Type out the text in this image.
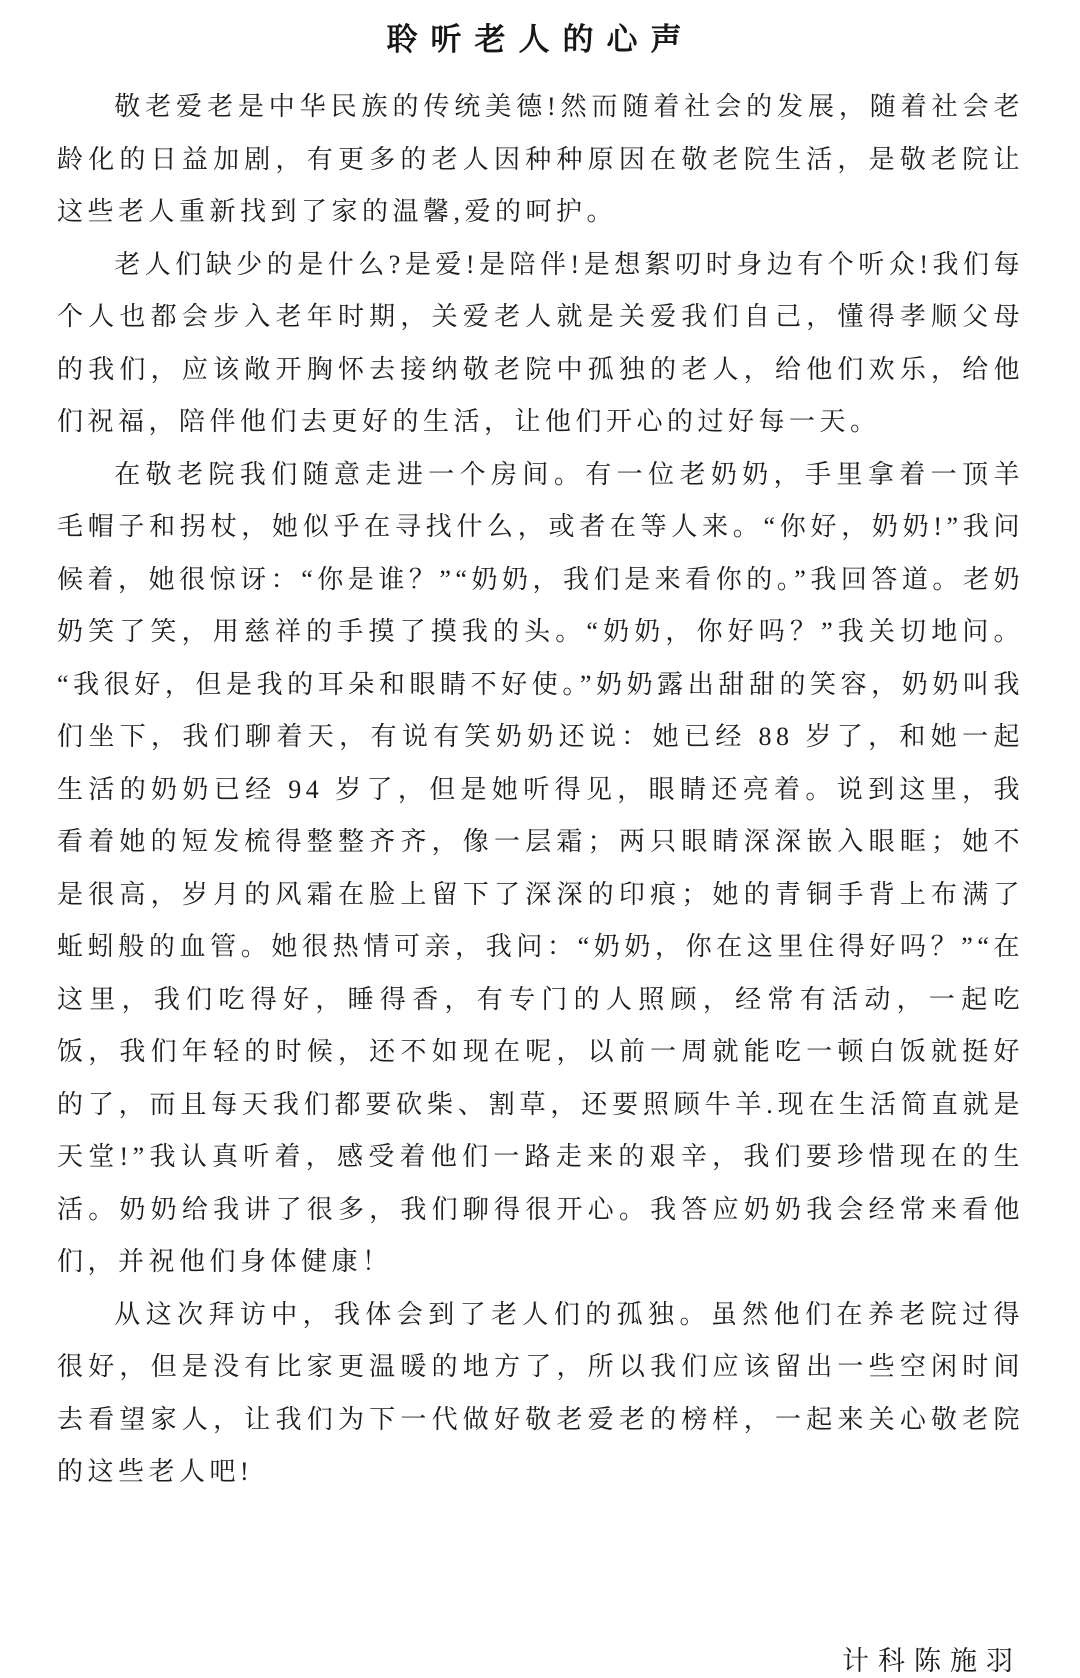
聆听老人的心声

敬老爱老是中华民族的传统美德!然而随着社会的发展，随着社会老龄化的日益加剧，有更多的老人因种种原因在敬老院生活，是敬老院让这些老人重新找到了家的温馨,爱的呵护。

老人们缺少的是什么?是爱!是陪伴!是想絮叨时身边有个听众!我们每个人也都会步入老年时期，关爱老人就是关爱我们自己，懂得孝顺父母的我们，应该敞开胸怀去接纳敬老院中孤独的老人，给他们欢乐，给他们祝福，陪伴他们去更好的生活，让他们开心的过好每一天。

在敬老院我们随意走进一个房间。有一位老奶奶，手里拿着一顶羊毛帽子和拐杖，她似乎在寻找什么，或者在等人来。“你好，奶奶!”我问候着，她很惊讶：“你是谁？”“奶奶，我们是来看你的。”我回答道。老奶奶笑了笑，用慈祥的手摸了摸我的头。“奶奶，你好吗？”我关切地问。“我很好，但是我的耳朵和眼睛不好使。”奶奶露出甜甜的笑容，奶奶叫我们坐下，我们聊着天，有说有笑奶奶还说：她已经 88 岁了，和她一起生活的奶奶已经 94 岁了，但是她听得见，眼睛还亮着。说到这里，我看着她的短发梳得整整齐齐，像一层霜；两只眼睛深深嵌入眼眶；她不是很高，岁月的风霜在脸上留下了深深的印痕；她的青铜手背上布满了蚯蚓般的血管。她很热情可亲，我问：“奶奶，你在这里住得好吗？”“在这里，我们吃得好，睡得香，有专门的人照顾，经常有活动，一起吃饭，我们年轻的时候，还不如现在呢，以前一周就能吃一顿白饭就挺好的了，而且每天我们都要砍柴、割草，还要照顾牛羊.现在生活简直就是天堂!”我认真听着，感受着他们一路走来的艰辛，我们要珍惜现在的生活。奶奶给我讲了很多，我们聊得很开心。我答应奶奶我会经常来看他们，并祝他们身体健康！

从这次拜访中，我体会到了老人们的孤独。虽然他们在养老院过得很好，但是没有比家更温暖的地方了，所以我们应该留出一些空闲时间去看望家人，让我们为下一代做好敬老爱老的榜样，一起来关心敬老院的这些老人吧!

计科陈施羽
